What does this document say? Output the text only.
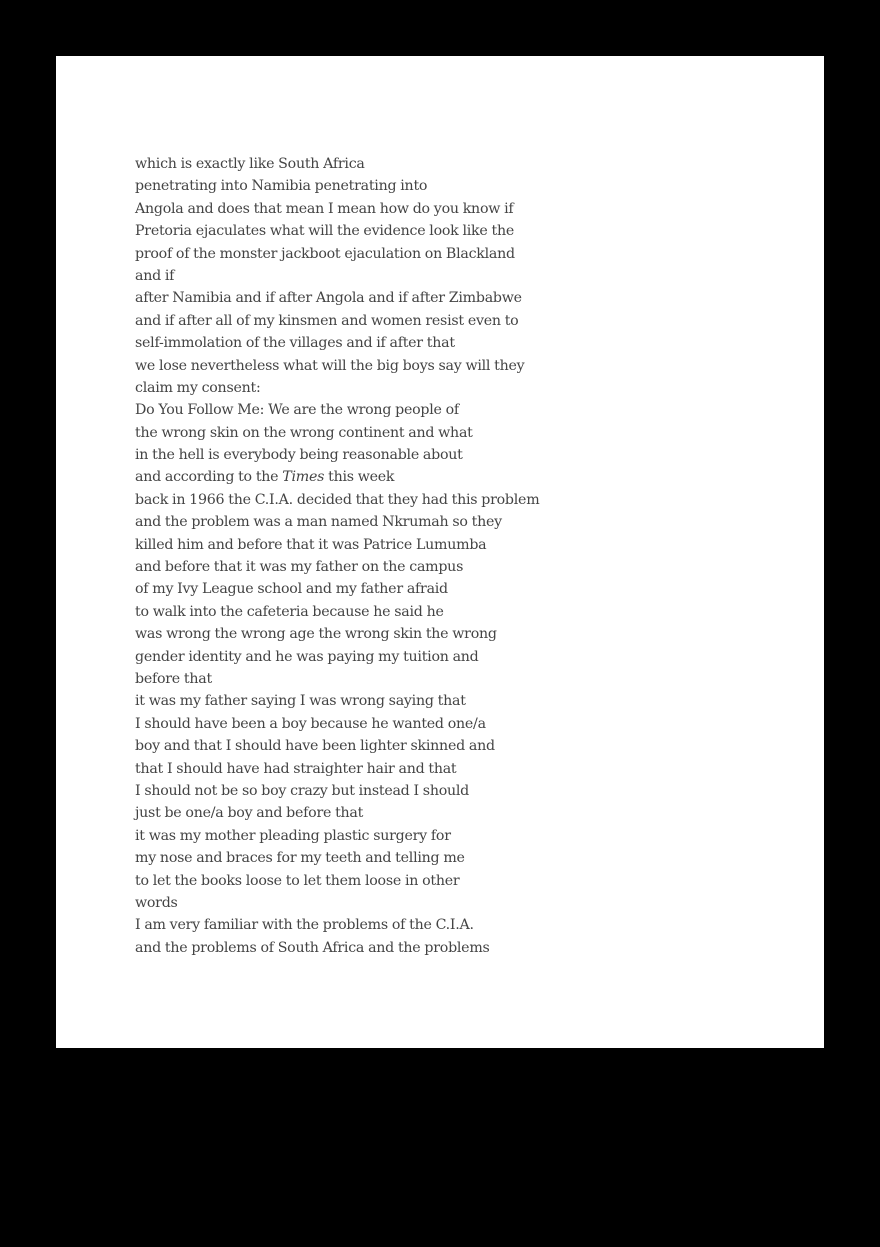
which is exactly like South Africa
penetrating into Namibia penetrating into
Angola and does that mean I mean how do you know if
Pretoria ejaculates what will the evidence look like the
proof of the monster jackboot ejaculation on Blackland
and if
after Namibia and if after Angola and if after Zimbabwe
and if after all of my kinsmen and women resist even to
self-immolation of the villages and if after that
we lose nevertheless what will the big boys say will they
claim my consent:
Do You Follow Me: We are the wrong people of
the wrong skin on the wrong continent and what
in the hell is everybody being reasonable about
and according to the Times this week
back in 1966 the C.I.A. decided that they had this problem
and the problem was a man named Nkrumah so they
killed him and before that it was Patrice Lumumba
and before that it was my father on the campus
of my Ivy League school and my father afraid
to walk into the cafeteria because he said he
was wrong the wrong age the wrong skin the wrong
gender identity and he was paying my tuition and
before that
it was my father saying I was wrong saying that
I should have been a boy because he wanted one/a
boy and that I should have been lighter skinned and
that I should have had straighter hair and that
I should not be so boy crazy but instead I should
just be one/a boy and before that
it was my mother pleading plastic surgery for
my nose and braces for my teeth and telling me
to let the books loose to let them loose in other
words
I am very familiar with the problems of the C.I.A.
and the problems of South Africa and the problems
